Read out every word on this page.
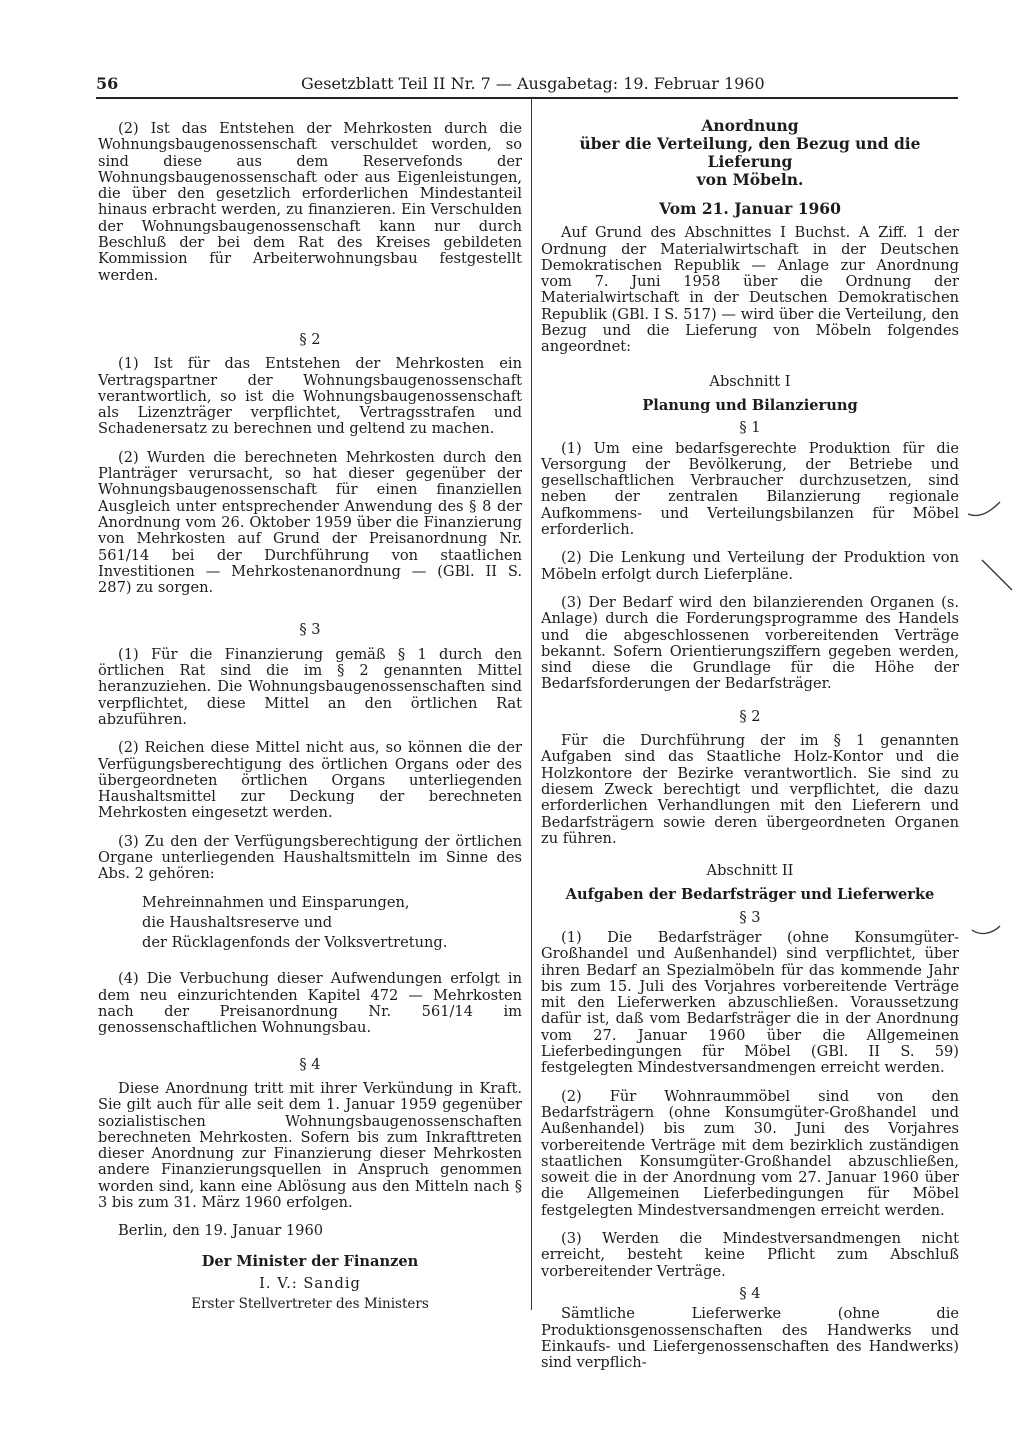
56	Gesetzblatt Teil II Nr. 7 — Ausgabetag: 19. Februar 1960

(2) Ist das Entstehen der Mehrkosten durch die Wohnungsbaugenossenschaft verschuldet worden, so sind diese aus dem Reservefonds der Wohnungsbaugenossenschaft oder aus Eigenleistungen, die über den gesetzlich erforderlichen Mindestanteil hinaus erbracht werden, zu finanzieren. Ein Verschulden der Wohnungsbaugenossenschaft kann nur durch Beschluß der bei dem Rat des Kreises gebildeten Kommission für Arbeiterwohnungsbau festgestellt werden.

§ 2

(1) Ist für das Entstehen der Mehrkosten ein Vertragspartner der Wohnungsbaugenossenschaft verantwortlich, so ist die Wohnungsbaugenossenschaft als Lizenzträger verpflichtet, Vertragsstrafen und Schadenersatz zu berechnen und geltend zu machen.

(2) Wurden die berechneten Mehrkosten durch den Planträger verursacht, so hat dieser gegenüber der Wohnungsbaugenossenschaft für einen finanziellen Ausgleich unter entsprechender Anwendung des § 8 der Anordnung vom 26. Oktober 1959 über die Finanzierung von Mehrkosten auf Grund der Preisanordnung Nr. 561/14 bei der Durchführung von staatlichen Investitionen — Mehrkostenanordnung — (GBl. II S. 287) zu sorgen.

§ 3

(1) Für die Finanzierung gemäß § 1 durch den örtlichen Rat sind die im § 2 genannten Mittel heranzuziehen. Die Wohnungsbaugenossenschaften sind verpflichtet, diese Mittel an den örtlichen Rat abzuführen.

(2) Reichen diese Mittel nicht aus, so können die der Verfügungsberechtigung des örtlichen Organs oder des übergeordneten örtlichen Organs unterliegenden Haushaltsmittel zur Deckung der berechneten Mehrkosten eingesetzt werden.

(3) Zu den der Verfügungsberechtigung der örtlichen Organe unterliegenden Haushaltsmitteln im Sinne des Abs. 2 gehören:

Mehreinnahmen und Einsparungen,
die Haushaltsreserve und
der Rücklagenfonds der Volksvertretung.

(4) Die Verbuchung dieser Aufwendungen erfolgt in dem neu einzurichtenden Kapitel 472 — Mehrkosten nach der Preisanordnung Nr. 561/14 im genossenschaftlichen Wohnungsbau.

§ 4

Diese Anordnung tritt mit ihrer Verkündung in Kraft. Sie gilt auch für alle seit dem 1. Januar 1959 gegenüber sozialistischen Wohnungsbaugenossenschaften berechneten Mehrkosten. Sofern bis zum Inkrafttreten dieser Anordnung zur Finanzierung dieser Mehrkosten andere Finanzierungsquellen in Anspruch genommen worden sind, kann eine Ablösung aus den Mitteln nach § 3 bis zum 31. März 1960 erfolgen.

Berlin, den 19. Januar 1960

Der Minister der Finanzen
I. V.: Sandig
Erster Stellvertreter des Ministers
Anordnung
über die Verteilung, den Bezug und die Lieferung
von Möbeln.
Vom 21. Januar 1960

Auf Grund des Abschnittes I Buchst. A Ziff. 1 der Ordnung der Materialwirtschaft in der Deutschen Demokratischen Republik — Anlage zur Anordnung vom 7. Juni 1958 über die Ordnung der Materialwirtschaft in der Deutschen Demokratischen Republik (GBl. I S. 517) — wird über die Verteilung, den Bezug und die Lieferung von Möbeln folgendes angeordnet:

Abschnitt I
Planung und Bilanzierung
§ 1

(1) Um eine bedarfsgerechte Produktion für die Versorgung der Bevölkerung, der Betriebe und gesellschaftlichen Verbraucher durchzusetzen, sind neben der zentralen Bilanzierung regionale Aufkommens- und Verteilungsbilanzen für Möbel erforderlich.

(2) Die Lenkung und Verteilung der Produktion von Möbeln erfolgt durch Lieferpläne.

(3) Der Bedarf wird den bilanzierenden Organen (s. Anlage) durch die Forderungsprogramme des Handels und die abgeschlossenen vorbereitenden Verträge bekannt. Sofern Orientierungsziffern gegeben werden, sind diese die Grundlage für die Höhe der Bedarfsforderungen der Bedarfsträger.

§ 2

Für die Durchführung der im § 1 genannten Aufgaben sind das Staatliche Holz-Kontor und die Holzkontore der Bezirke verantwortlich. Sie sind zu diesem Zweck berechtigt und verpflichtet, die dazu erforderlichen Verhandlungen mit den Lieferern und Bedarfsträgern sowie deren übergeordneten Organen zu führen.

Abschnitt II
Aufgaben der Bedarfsträger und Lieferwerke
§ 3

(1) Die Bedarfsträger (ohne Konsumgüter-Großhandel und Außenhandel) sind verpflichtet, über ihren Bedarf an Spezialmöbeln für das kommende Jahr bis zum 15. Juli des Vorjahres vorbereitende Verträge mit den Lieferwerken abzuschließen. Voraussetzung dafür ist, daß vom Bedarfsträger die in der Anordnung vom 27. Januar 1960 über die Allgemeinen Lieferbedingungen für Möbel (GBl. II S. 59) festgelegten Mindestversandmengen erreicht werden.

(2) Für Wohnraummöbel sind von den Bedarfsträgern (ohne Konsumgüter-Großhandel und Außenhandel) bis zum 30. Juni des Vorjahres vorbereitende Verträge mit dem bezirklich zuständigen staatlichen Konsumgüter-Großhandel abzuschließen, soweit die in der Anordnung vom 27. Januar 1960 über die Allgemeinen Lieferbedingungen für Möbel festgelegten Mindestversandmengen erreicht werden.

(3) Werden die Mindestversandmengen nicht erreicht, besteht keine Pflicht zum Abschluß vorbereitender Verträge.

§ 4

Sämtliche Lieferwerke (ohne die Produktionsgenossenschaften des Handwerks und Einkaufs- und Liefergenossenschaften des Handwerks) sind verpflich-
